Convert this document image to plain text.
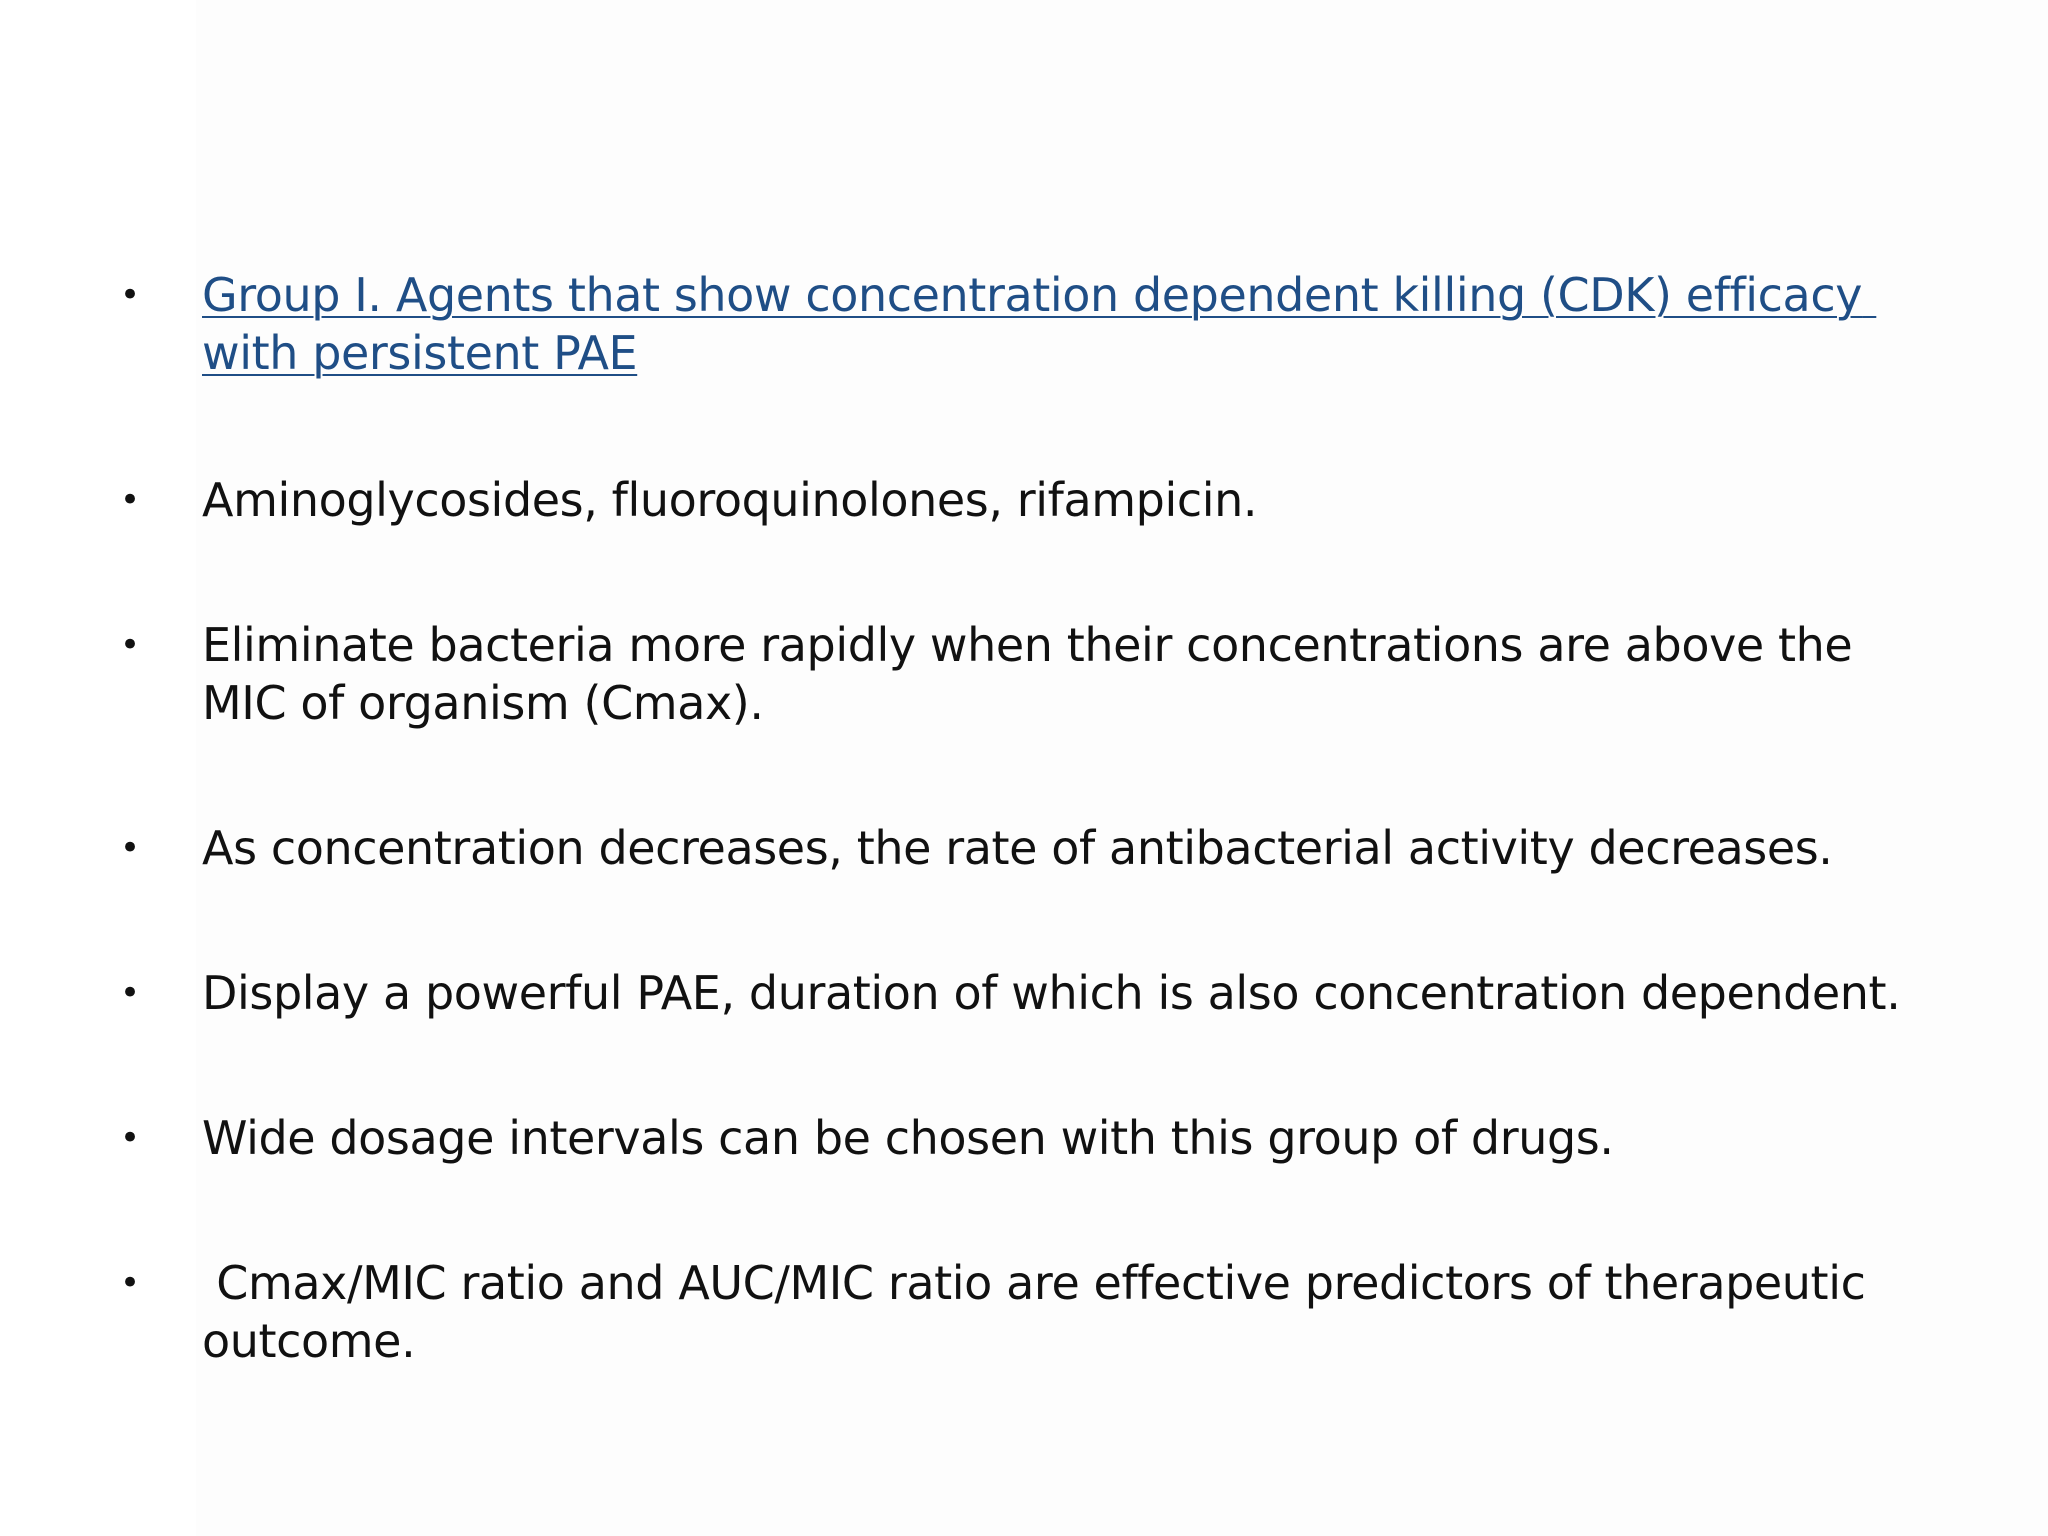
•	Group I. Agents that show concentration dependent killing (CDK) efficacy with persistent PAE
•	Aminoglycosides, fluoroquinolones, rifampicin.
•	Eliminate bacteria more rapidly when their concentrations are above the MIC of organism (Cmax).
•	As concentration decreases, the rate of antibacterial activity decreases.
•	Display a powerful PAE, duration of which is also concentration dependent.
•	Wide dosage intervals can be chosen with this group of drugs.
•	Cmax/MIC ratio and AUC/MIC ratio are effective predictors of therapeutic outcome.
